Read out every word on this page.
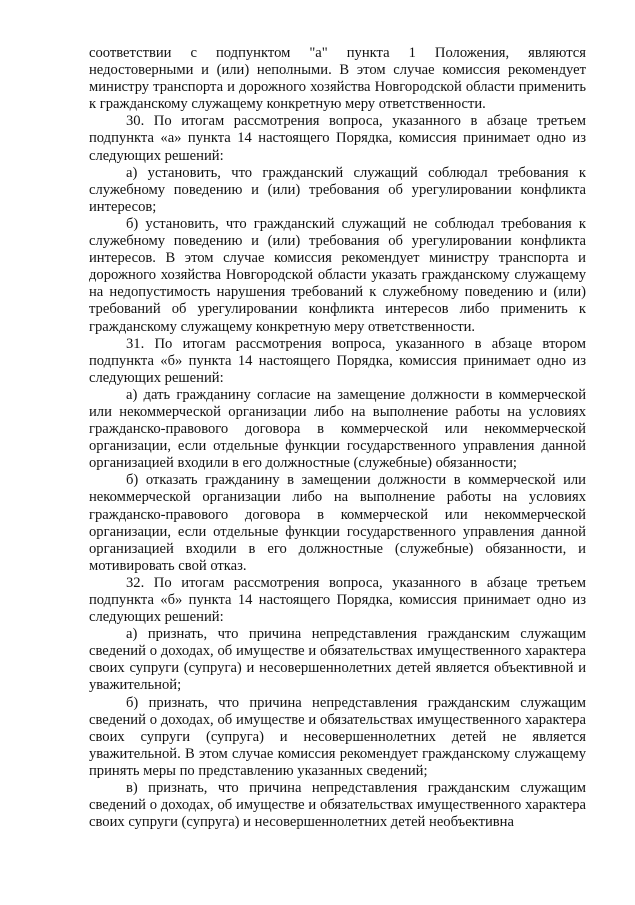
соответствии с подпунктом "а" пункта 1 Положения, являются недостоверными и (или) неполными. В этом случае комиссия рекомендует министру транспорта и дорожного хозяйства Новгородской области применить к гражданскому служащему конкретную меру ответственности.

30. По итогам рассмотрения вопроса, указанного в абзаце третьем подпункта «а» пункта 14 настоящего Порядка, комиссия принимает одно из следующих решений:

а) установить, что гражданский служащий соблюдал требования к служебному поведению и (или) требования об урегулировании конфликта интересов;

б) установить, что гражданский служащий не соблюдал требования к служебному поведению и (или) требования об урегулировании конфликта интересов. В этом случае комиссия рекомендует министру транспорта и дорожного хозяйства Новгородской области указать гражданскому служащему на недопустимость нарушения требований к служебному поведению и (или) требований об урегулировании конфликта интересов либо применить к гражданскому служащему конкретную меру ответственности.

31. По итогам рассмотрения вопроса, указанного в абзаце втором подпункта «б» пункта 14 настоящего Порядка, комиссия принимает одно из следующих решений:

а) дать гражданину согласие на замещение должности в коммерческой или некоммерческой организации либо на выполнение работы на условиях гражданско-правового договора в коммерческой или некоммерческой организации, если отдельные функции государственного управления данной организацией входили в его должностные (служебные) обязанности;

б) отказать гражданину в замещении должности в коммерческой или некоммерческой организации либо на выполнение работы на условиях гражданско-правового договора в коммерческой или некоммерческой организации, если отдельные функции государственного управления данной организацией входили в его должностные (служебные) обязанности, и мотивировать свой отказ.

32. По итогам рассмотрения вопроса, указанного в абзаце третьем подпункта «б» пункта 14 настоящего Порядка, комиссия принимает одно из следующих решений:

а) признать, что причина непредставления гражданским служащим сведений о доходах, об имуществе и обязательствах имущественного характера своих супруги (супруга) и несовершеннолетних детей является объективной и уважительной;

б) признать, что причина непредставления гражданским служащим сведений о доходах, об имуществе и обязательствах имущественного характера своих супруги (супруга) и несовершеннолетних детей не является уважительной. В этом случае комиссия рекомендует гражданскому служащему принять меры по представлению указанных сведений;

в) признать, что причина непредставления гражданским служащим сведений о доходах, об имуществе и обязательствах имущественного характера своих супруги (супруга) и несовершеннолетних детей необъективна
